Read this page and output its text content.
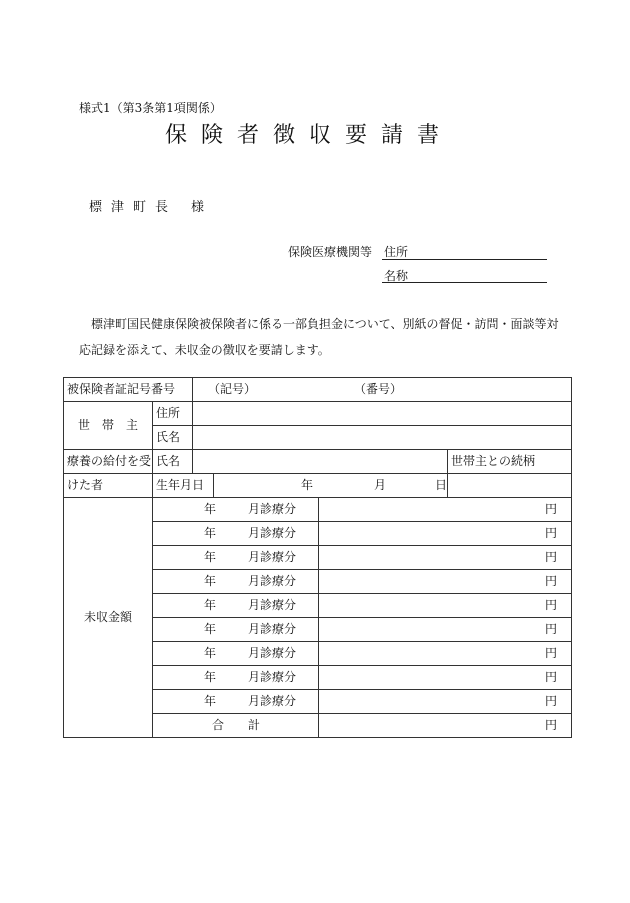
様式1（第3条第1項関係）
保険者徴収要請書
標津町長 様
保険医療機関等 住所
名称
標津町国民健康保険被保険者に係る一部負担金について、別紙の督促・訪問・面談等対応記録を添えて、未収金の徴収を要請します。
被保険者証記号番号		（記号） （番号）			
世　帯　主	住所				
	氏名				
療養の給付を受	氏名				世帯主との続柄
けた者	生年月日		年 月 日		
未収金額	年 月診療分			円	
	年 月診療分			円	
	年 月診療分			円	
	年 月診療分			円	
	年 月診療分			円	
	年 月診療分			円	
	年 月診療分			円	
	年 月診療分			円	
	年 月診療分			円	
	合　　計			円	
